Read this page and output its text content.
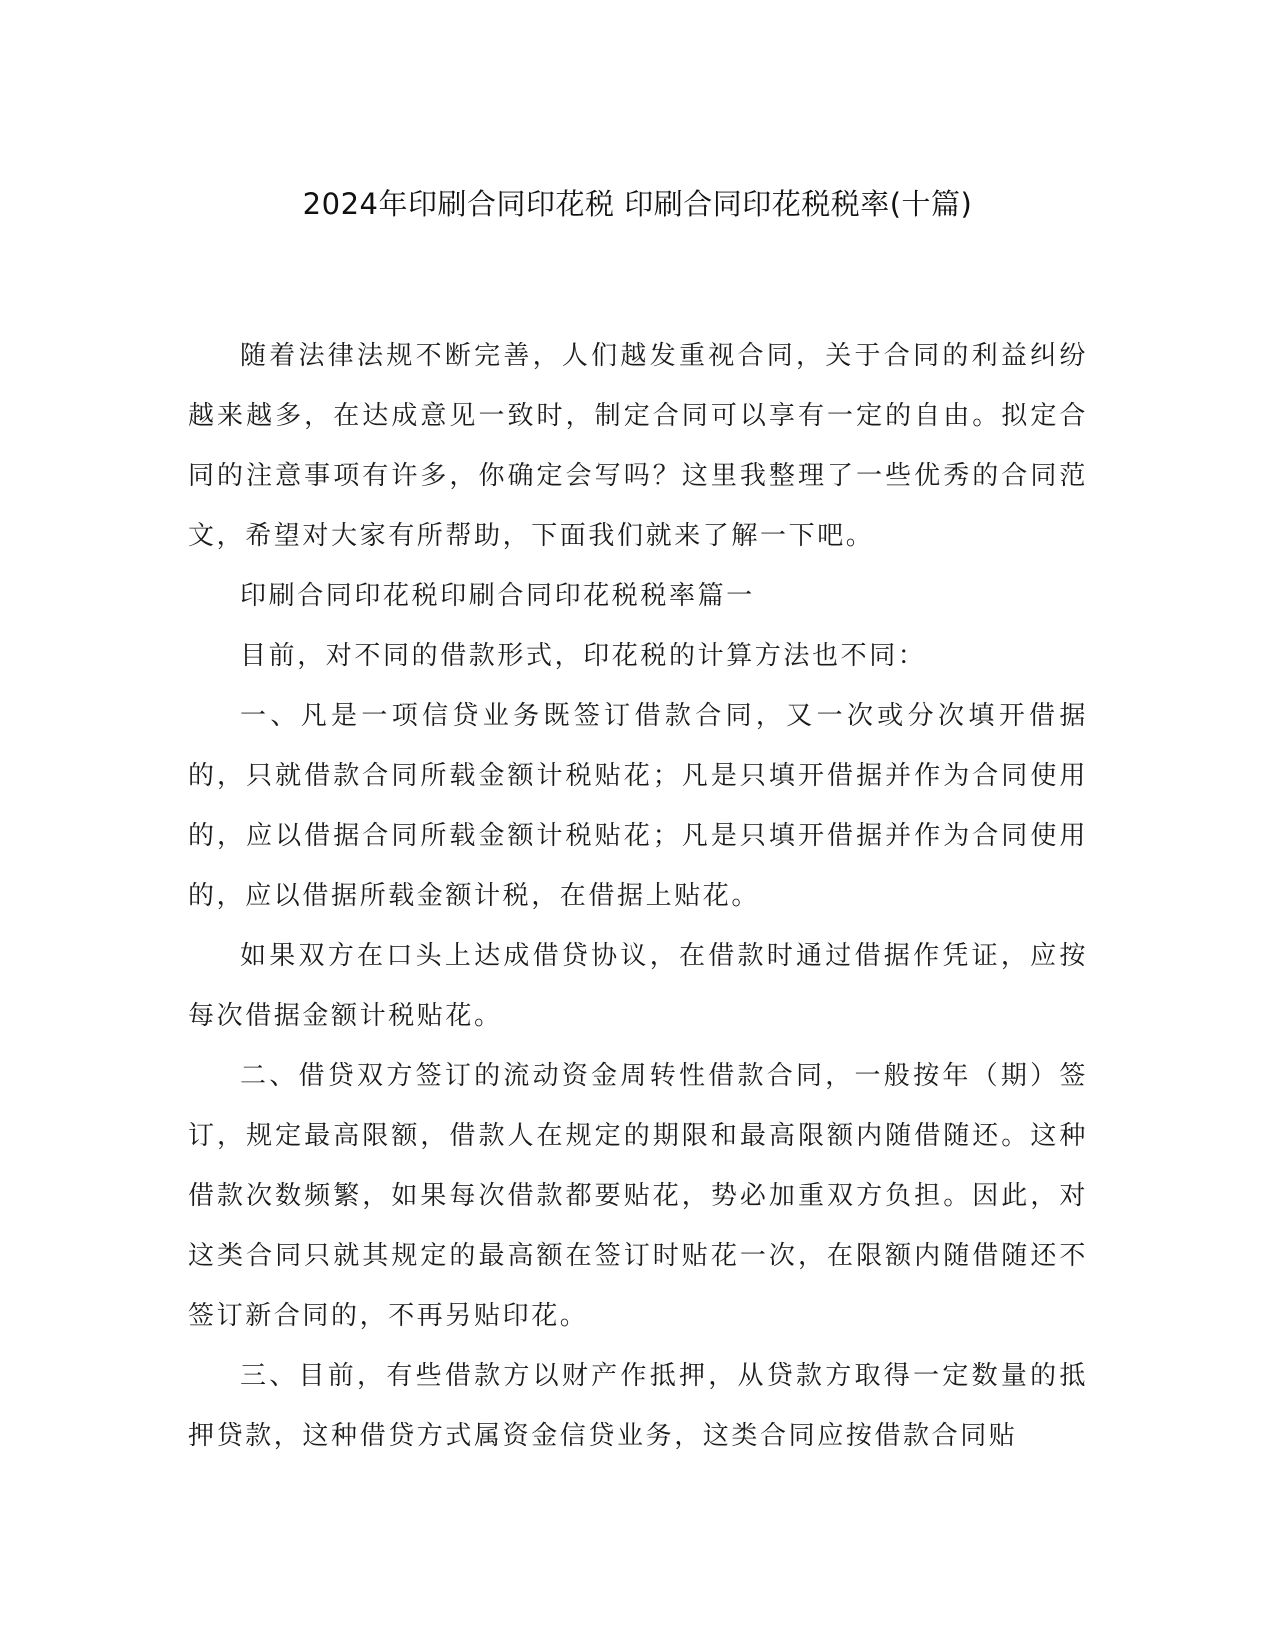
2024年印刷合同印花税 印刷合同印花税税率(十篇)

随着法律法规不断完善，人们越发重视合同，关于合同的利益纠纷越来越多，在达成意见一致时，制定合同可以享有一定的自由。拟定合同的注意事项有许多，你确定会写吗？这里我整理了一些优秀的合同范文，希望对大家有所帮助，下面我们就来了解一下吧。

印刷合同印花税印刷合同印花税税率篇一

目前，对不同的借款形式，印花税的计算方法也不同：

一、凡是一项信贷业务既签订借款合同，又一次或分次填开借据的，只就借款合同所载金额计税贴花；凡是只填开借据并作为合同使用的，应以借据合同所载金额计税贴花；凡是只填开借据并作为合同使用的，应以借据所载金额计税，在借据上贴花。

如果双方在口头上达成借贷协议，在借款时通过借据作凭证，应按每次借据金额计税贴花。

二、借贷双方签订的流动资金周转性借款合同，一般按年（期）签订，规定最高限额，借款人在规定的期限和最高限额内随借随还。这种借款次数频繁，如果每次借款都要贴花，势必加重双方负担。因此，对这类合同只就其规定的最高额在签订时贴花一次，在限额内随借随还不签订新合同的，不再另贴印花。

三、目前，有些借款方以财产作抵押，从贷款方取得一定数量的抵押贷款，这种借贷方式属资金信贷业务，这类合同应按借款合同贴
